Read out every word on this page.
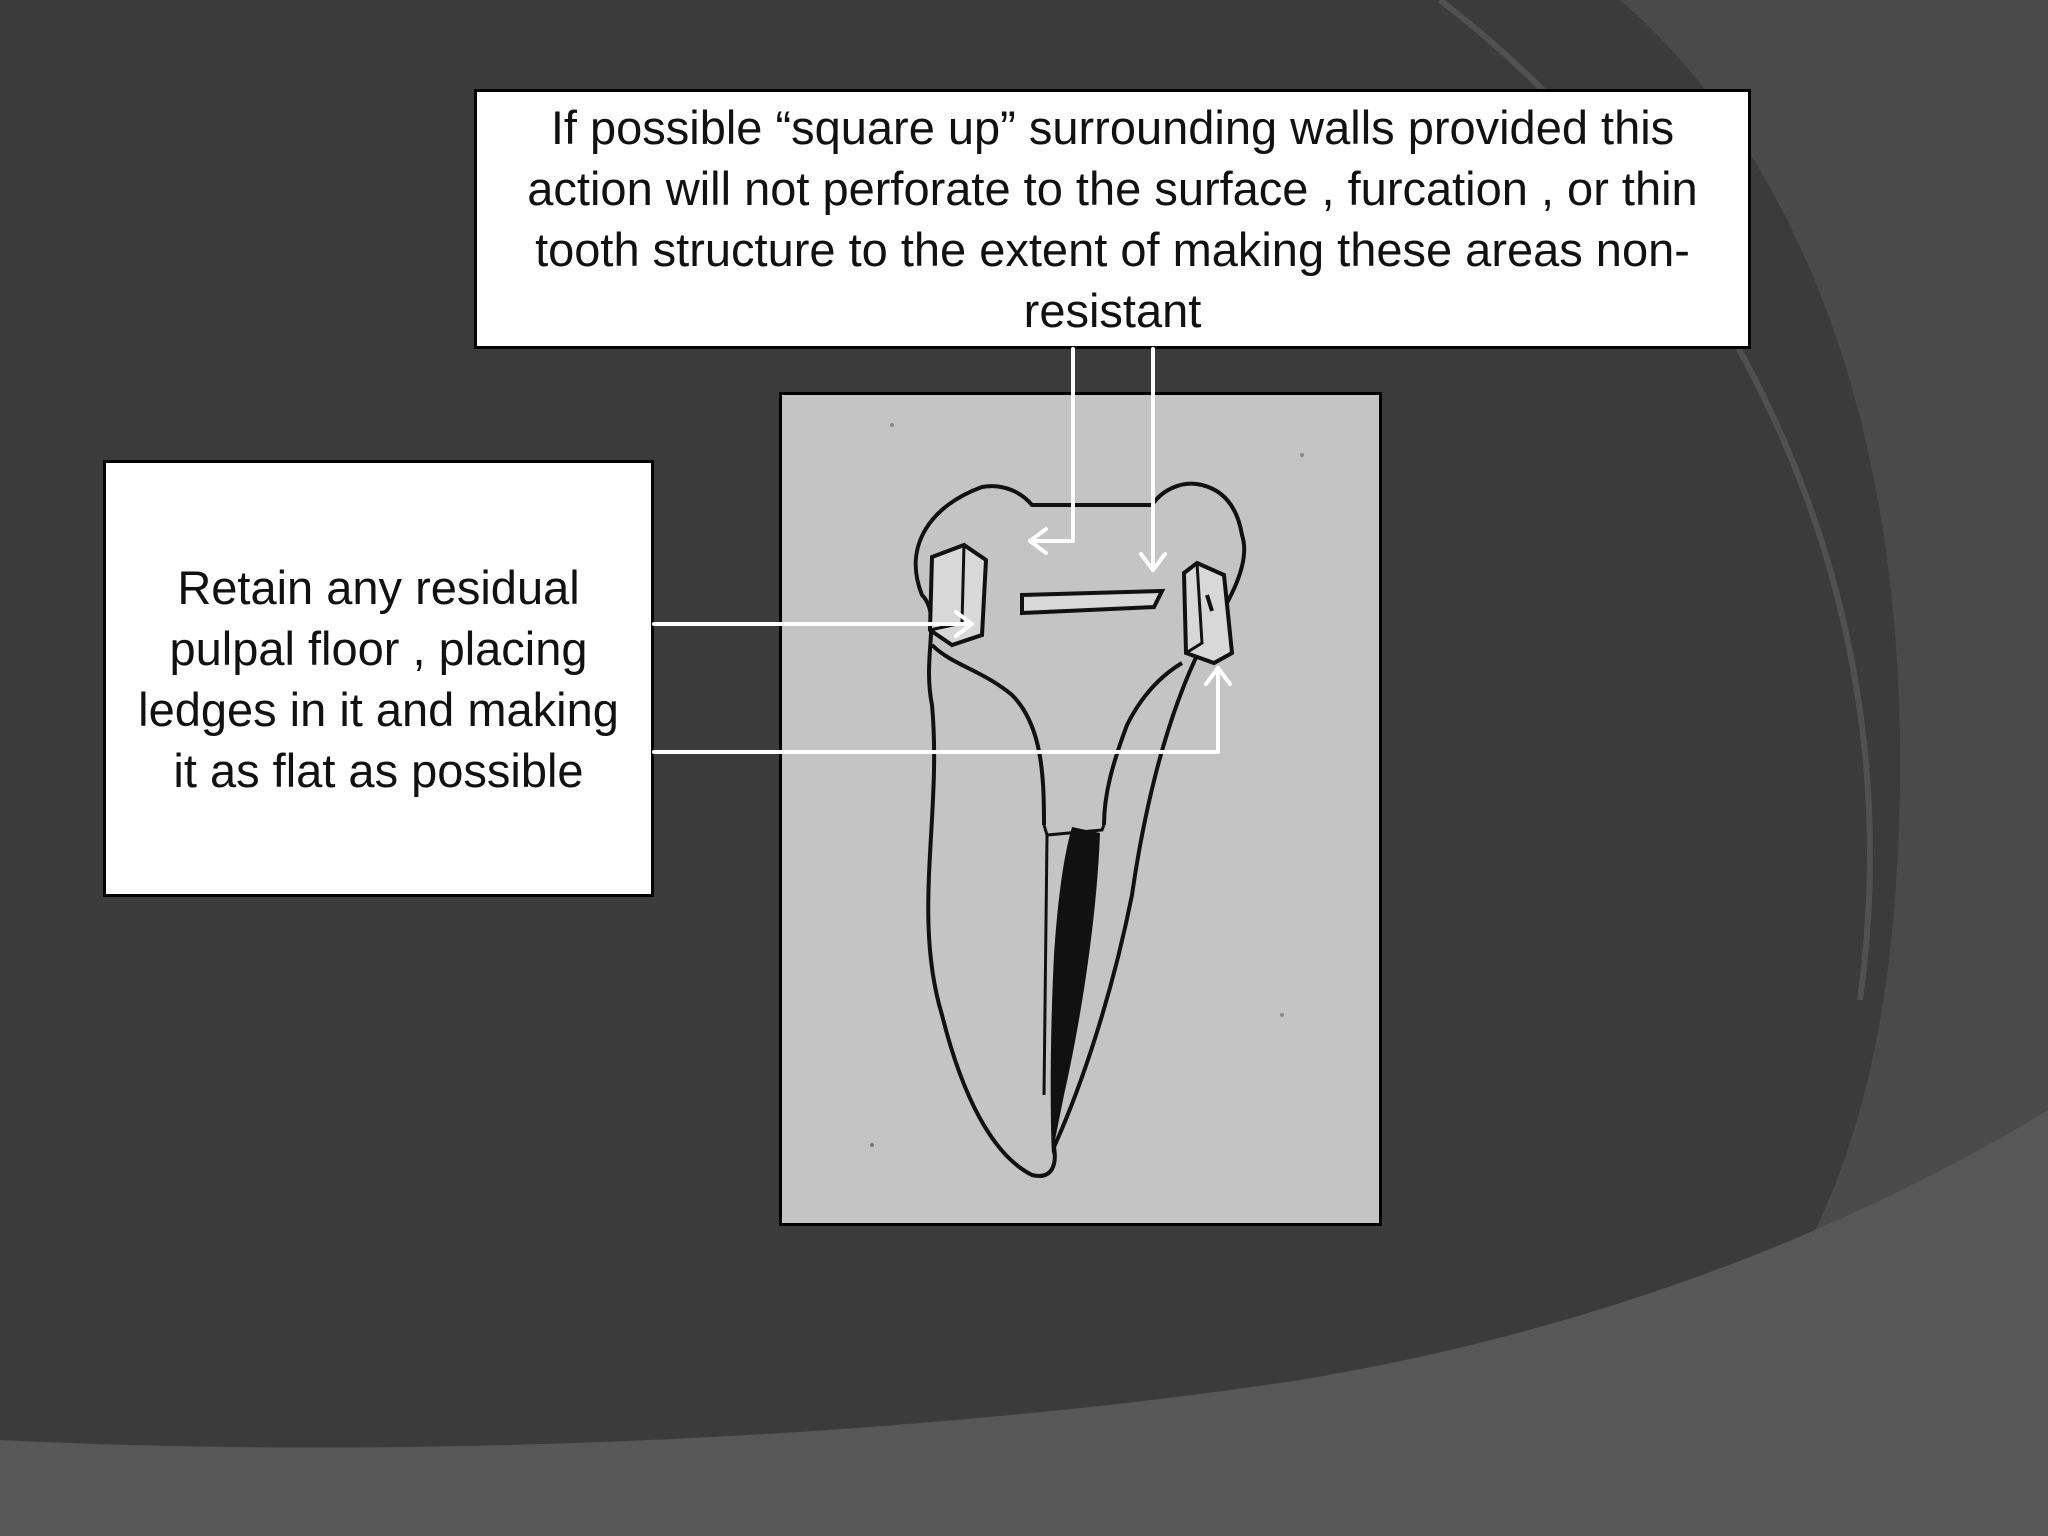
If possible “square up” surrounding walls provided this action will not perforate to the surface , furcation , or thin tooth structure to the extent of making these areas non-resistant
Retain any residual pulpal floor , placing ledges in it and making it as flat as possible
